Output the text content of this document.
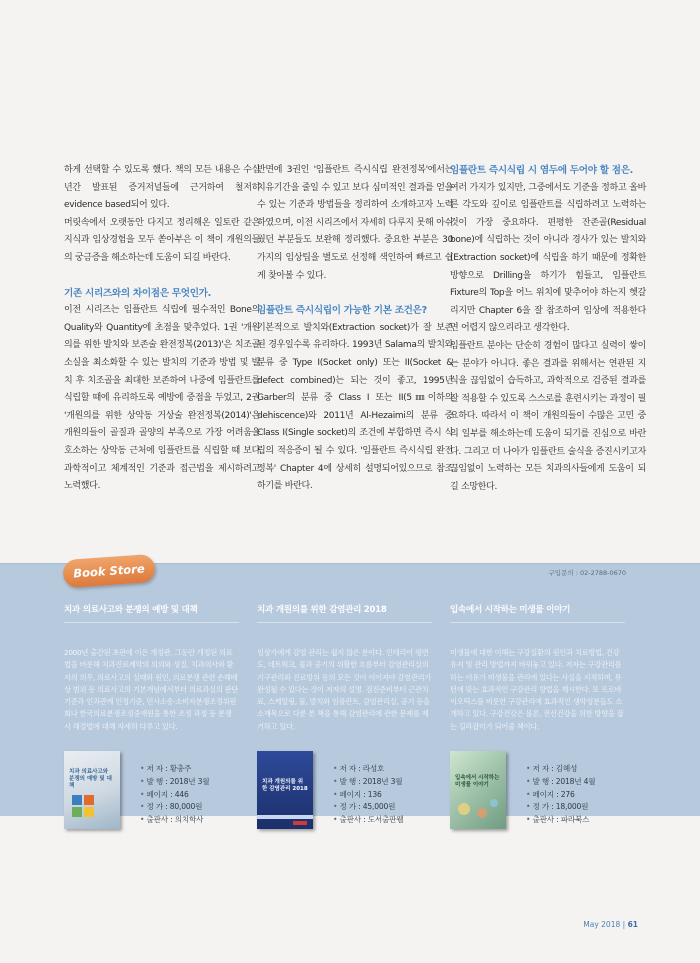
하게 선택할 수 있도록 했다. 책의 모든 내용은 수십 년간 발표된 증거저널들에 근거하여 철저히 evidence based되어 있다.

머릿속에서 오랫동안 다지고 정리해온 일토란 같은 지식과 임상경험을 모두 쏟아부은 이 책이 개원의들의 궁금증을 해소하는데 도움이 되길 바란다.

기존 시리즈와의 차이점은 무엇인가.

이전 시리즈는 임플란트 식립에 필수적인 Bone의 Quality와 Quantity에 초점을 맞추었다. 1권 '개원의를 위한 발치와 보존술 완전정복(2013)'은 치조골 소실을 최소화할 수 있는 발치의 기준과 방법 및 발치 후 치조골을 최대한 보존하여 나중에 임플란트를 식립할 때에 유리하도록 예방에 중점을 두었고, 2권 '개원의를 위한 상악동 거상술 완전정복(2014)'은 개원의들이 골질과 골양의 부족으로 가장 어려움을 호소하는 상악동 근처에 임플란트를 식립할 때 보다 과학적이고 체계적인 기준과 접근법을 제시하려고 노력했다.

반면에 3권인 '임플란트 즉시식립 완전정복'에서는 치유기간을 줄일 수 있고 보다 심미적인 결과를 얻을 수 있는 기준과 방법들을 정리하여 소개하고자 노력하였으며, 이전 시리즈에서 자세히 다루지 못해 아쉬웠던 부분들도 보완해 정리했다. 중요한 부분은 30가지의 임상팁을 별도로 선정해 색인하여 빠르고 쉽게 찾아볼 수 있다.

임플란트 즉시식립이 가능한 기본 조건은?

기본적으로 발치와(Extraction socket)가 잘 보존된 경우일수록 유리하다. 1993년 Salama의 발치와 분류 중 Type I(Socket only) 또는 II(Socket & defect combined)는 되는 것이 좋고, 1995년 Garber의 분류 중 Class I 또는 II(5㎜이하의 dehiscence)와 2011년 Al-Hezaimi의 분류 중 Class I(Single socket)의 조건에 부합하면 즉시 식립의 적응증이 될 수 있다. '임플란트 즉시식립 완전정복' Chapter 4에 상세히 설명되어있으므로 참조하기를 바란다.

임플란트 즉시식립 시 염두에 두어야 할 점은.

여러 가지가 있지만, 그중에서도 기준을 정하고 올바른 각도와 깊이로 임플란트를 식립하려고 노력하는 것이 가장 중요하다. 편평한 잔존골(Residual bone)에 식립하는 것이 아니라 경사가 있는 발치와(Extraction socket)에 식립을 하기 때문에 정확한 방향으로 Drilling을 하기가 힘들고, 임플란트 Fixture의 Top을 어느 위치에 맞추어야 하는지 헷갈리지만 Chapter 6을 잘 참조하여 임상에 적용한다면 어렵지 않으리라고 생각한다.

임플란트 분야는 단순히 경험이 많다고 실력이 쌓이는 분야가 아니다. 좋은 결과를 위해서는 연관된 지식을 끊임없이 습득하고, 과학적으로 검증된 결과를 잘 적용할 수 있도록 스스로를 훈련시키는 과정이 필요하다. 따라서 이 책이 개원의들이 수많은 고민 중의 일부를 해소하는데 도움이 되기를 진심으로 바란다. 그리고 더 나아가 임플란트 술식을 증진시키고자 끊임없이 노력하는 모든 치과의사들에게 도움이 되길 소망한다.

Book Store	구입문의 : 02-2788-0670
치과 의료사고와 분쟁의 예방 및 대책
2000년 출간된 초판에 이은 개정판. 그동안 개정된 의료법을 비롯해 치과진료계약의 의의와 성질, 치과의사와 환자의 의무, 의료사고의 실태와 원인, 의료분쟁 관련 손해배상 범위 등 의료사고의 기본개념에서부터 의료과실의 판단 기준과 인과관계 인정기준, 민사소송·소비자분쟁조정위원회나 한국의료분쟁조정중재원을 통한 조정 과정 등 분쟁 시 해결법에 대해 자세히 다루고 있다.
치과 의료사고와 분쟁의 예방 및 대책
• 저 자 : 황충주
• 발 행 : 2018년 3월
• 페이지 : 446
• 정 가 : 80,000원
• 출판사 : 의치학사
치과 개원의를 위한 감염관리 2018
임상가에게 감염 관리는 쉽지 않은 분야다. 인테리어 평면도, 네트워크, 물과 공기의 위활한 흐름부터 감염관리실의 기구관리와 진료방위 등의 모든 것이 이어져야 감염관리가 완성될 수 있다는 것이 저자의 설명. 검진준비부터 근관치료, 스케일링, 물, 발치와 임플란트, 감염관리실, 공기 등을 소재목으로 다룬 본 책을 통해 감염관리에 관한 문제를 제거하고 있다.
치과 개원의를 위한 감염관리 2018
• 저 자 : 라성호
• 발 행 : 2018년 3월
• 페이지 : 136
• 정 가 : 45,000원
• 출판사 : 도서출판웰
입속에서 시작하는 미생물 이야기
미생물에 대한 이해는 구강질환의 원인과 치료방법, 건강 유지 및 관리 방법까지 바꿔놓고 있다. 저자는 구강관리를 하는 이유가 미생물을 관리에 있다는 사실을 지적하며, 뮤턴에 맞는 효과적인 구강관리 방법을 제시한다. 또 프로바이오틱스를 비롯한 구강관리에 효과적인 생약성분들도 소개하고 있다. 구강건강은 물론, 전신건강을 위한 방향을 잡는 길라잡이가 되어줄 책이다.
입속에서 시작하는 미생물 이야기
• 저 자 : 김혜성
• 발 행 : 2018년 4월
• 페이지 : 276
• 정 가 : 18,000원
• 출판사 : 파라북스
May 2018 | 61
